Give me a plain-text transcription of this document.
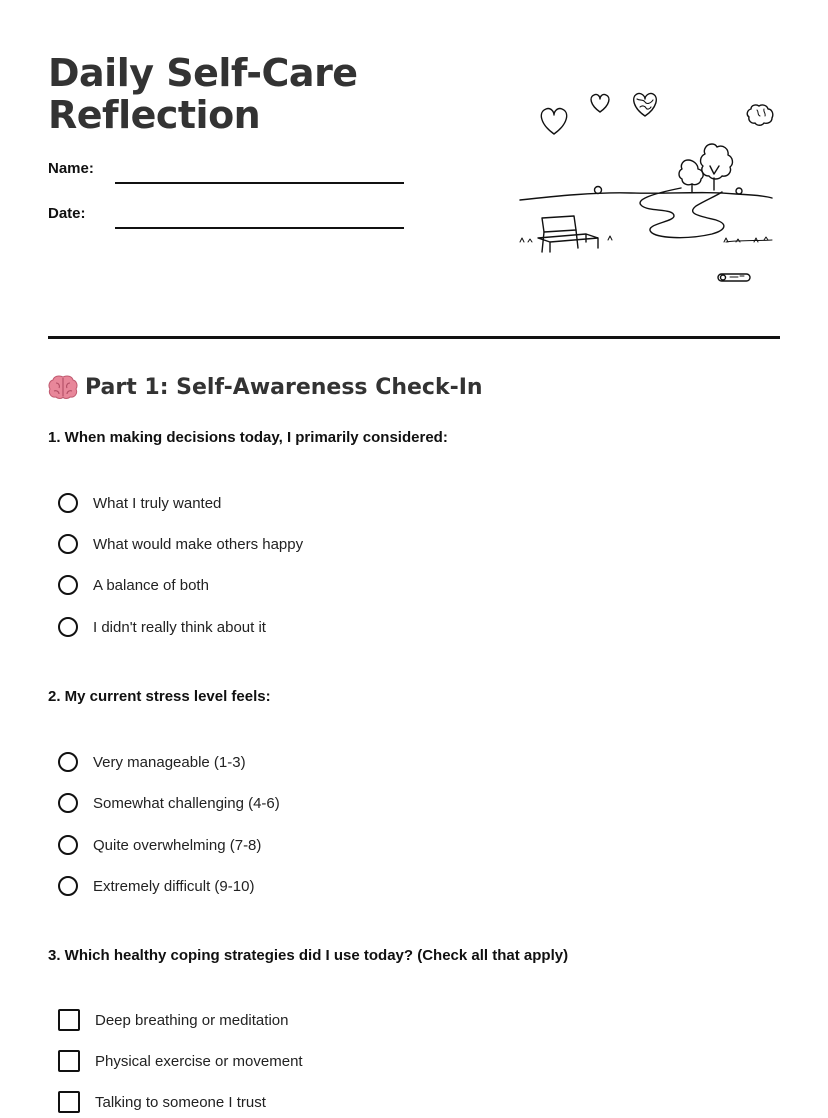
Daily Self-Care
Reflection
Name:
Date:
Part 1: Self-Awareness Check-In

1. When making decisions today, I primarily considered:

What I truly wanted
What would make others happy
A balance of both
I didn't really think about it

2. My current stress level feels:

Very manageable (1-3)
Somewhat challenging (4-6)
Quite overwhelming (7-8)
Extremely difficult (9-10)

3. Which healthy coping strategies did I use today? (Check all that apply)

Deep breathing or meditation
Physical exercise or movement
Talking to someone I trust
